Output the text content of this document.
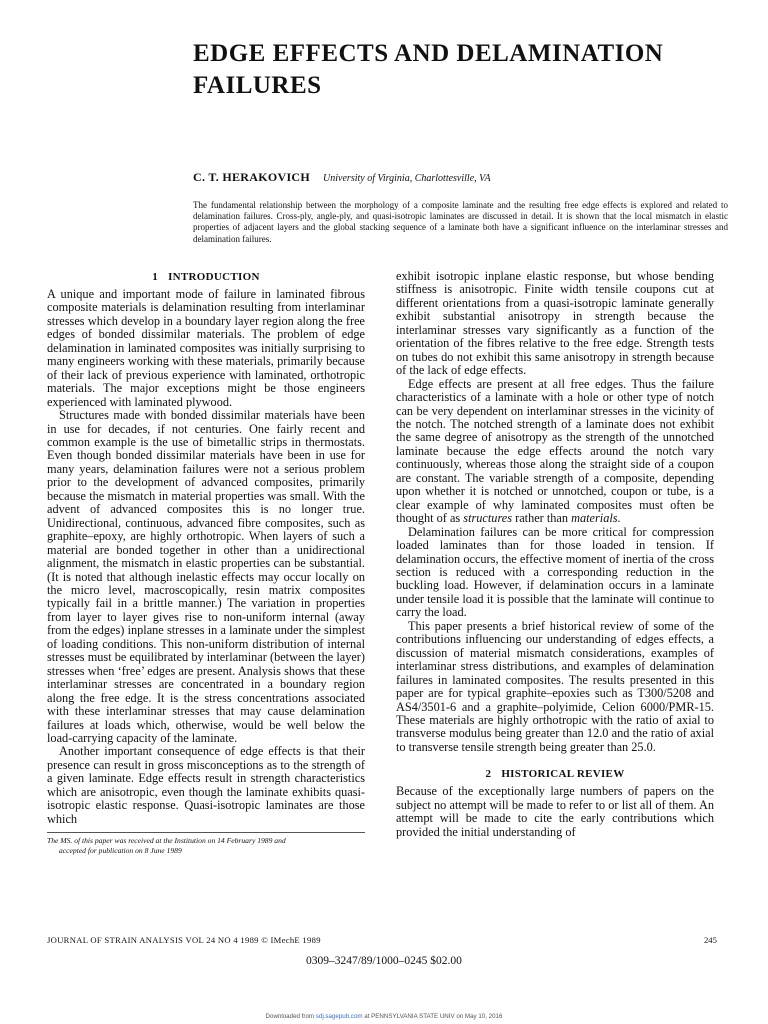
EDGE EFFECTS AND DELAMINATION FAILURES
C. T. HERAKOVICH University of Virginia, Charlottesville, VA

The fundamental relationship between the morphology of a composite laminate and the resulting free edge effects is explored and related to delamination failures. Cross-ply, angle-ply, and quasi-isotropic laminates are discussed in detail. It is shown that the local mismatch in elastic properties of adjacent layers and the global stacking sequence of a laminate both have a significant influence on the interlaminar stresses and delamination failures.

1 INTRODUCTION

A unique and important mode of failure in laminated fibrous composite materials is delamination resulting from interlaminar stresses which develop in a boundary layer region along the free edges of bonded dissimilar materials. The problem of edge delamination in laminated composites was initially surprising to many engineers working with these materials, primarily because of their lack of previous experience with laminated, orthotropic materials. The major exceptions might be those engineers experienced with laminated plywood.

Structures made with bonded dissimilar materials have been in use for decades, if not centuries. One fairly recent and common example is the use of bimetallic strips in thermostats. Even though bonded dissimilar materials have been in use for many years, delamination failures were not a serious problem prior to the development of advanced composites, primarily because the mismatch in material properties was small. With the advent of advanced composites this is no longer true. Unidirectional, continuous, advanced fibre composites, such as graphite–epoxy, are highly orthotropic. When layers of such a material are bonded together in other than a unidirectional alignment, the mismatch in elastic properties can be substantial. (It is noted that although inelastic effects may occur locally on the micro level, macroscopically, resin matrix composites typically fail in a brittle manner.) The variation in properties from layer to layer gives rise to non-uniform internal (away from the edges) inplane stresses in a laminate under the simplest of loading conditions. This non-uniform distribution of internal stresses must be equilibrated by interlaminar (between the layer) stresses when ‘free’ edges are present. Analysis shows that these interlaminar stresses are concentrated in a boundary region along the free edge. It is the stress concentrations associated with these interlaminar stresses that may cause delamination failures at loads which, otherwise, would be well below the load-carrying capacity of the laminate.

Another important consequence of edge effects is that their presence can result in gross misconceptions as to the strength of a given laminate. Edge effects result in strength characteristics which are anisotropic, even though the laminate exhibits quasi-isotropic elastic response. Quasi-isotropic laminates are those which

The MS. of this paper was received at the Institution on 14 February 1989 and

accepted for publication on 8 June 1989

exhibit isotropic inplane elastic response, but whose bending stiffness is anisotropic. Finite width tensile coupons cut at different orientations from a quasi-isotropic laminate generally exhibit substantial anisotropy in strength because the interlaminar stresses vary significantly as a function of the orientation of the fibres relative to the free edge. Strength tests on tubes do not exhibit this same anisotropy in strength because of the lack of edge effects.

Edge effects are present at all free edges. Thus the failure characteristics of a laminate with a hole or other type of notch can be very dependent on interlaminar stresses in the vicinity of the notch. The notched strength of a laminate does not exhibit the same degree of anisotropy as the strength of the unnotched laminate because the edge effects around the notch vary continuously, whereas those along the straight side of a coupon are constant. The variable strength of a composite, depending upon whether it is notched or unnotched, coupon or tube, is a clear example of why laminated composites must often be thought of as structures rather than materials.

Delamination failures can be more critical for compression loaded laminates than for those loaded in tension. If delamination occurs, the effective moment of inertia of the cross section is reduced with a corresponding reduction in the buckling load. However, if delamination occurs in a laminate under tensile load it is possible that the laminate will continue to carry the load.

This paper presents a brief historical review of some of the contributions influencing our understanding of edges effects, a discussion of material mismatch considerations, examples of interlaminar stress distributions, and examples of delamination failures in laminated composites. The results presented in this paper are for typical graphite–epoxies such as T300/5208 and AS4/3501-6 and a graphite–polyimide, Celion 6000/PMR-15. These materials are highly orthotropic with the ratio of axial to transverse modulus being greater than 12.0 and the ratio of axial to transverse tensile strength being greater than 25.0.

2 HISTORICAL REVIEW

Because of the exceptionally large numbers of papers on the subject no attempt will be made to refer to or list all of them. An attempt will be made to cite the early contributions which provided the initial understanding of

JOURNAL OF STRAIN ANALYSIS VOL 24 NO 4 1989 © IMechE 1989	245
0309–3247/89/1000–0245 $02.00
Downloaded from sdj.sagepub.com at PENNSYLVANIA STATE UNIV on May 10, 2016
